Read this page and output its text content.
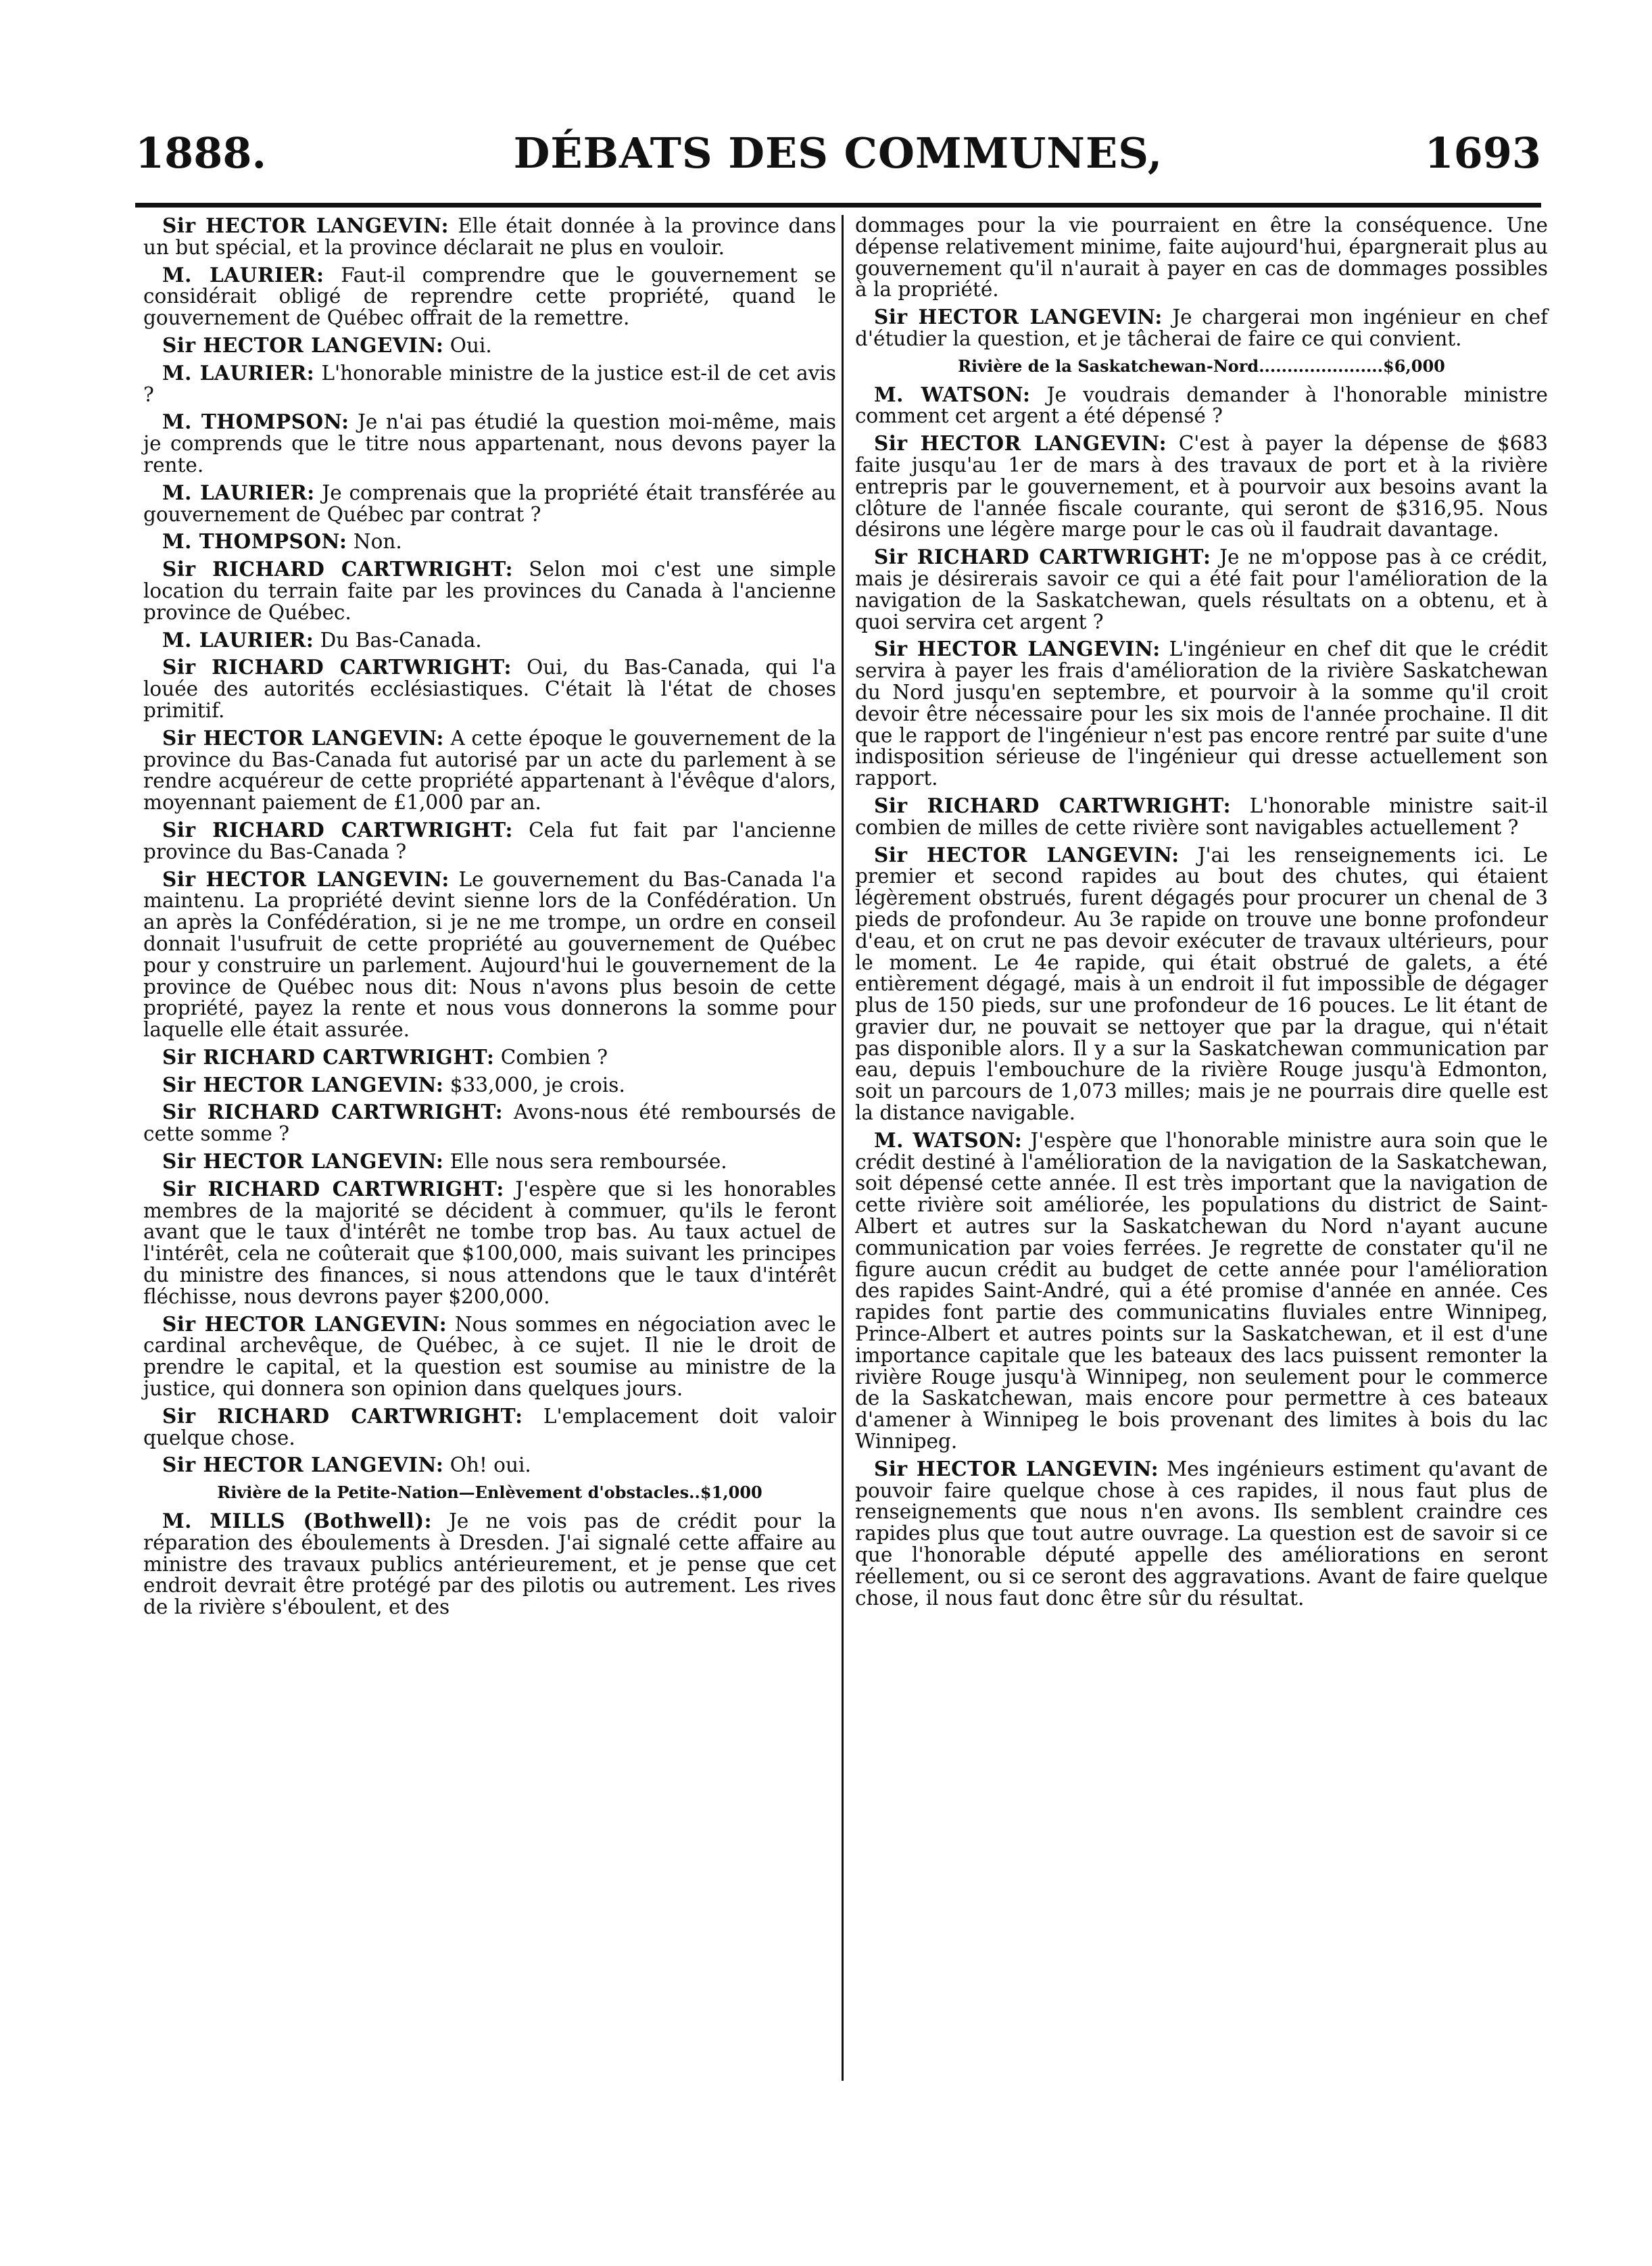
1888.	DÉBATS DES COMMUNES,	1693

Sir HECTOR LANGEVIN: Elle était donnée à la province dans un but spécial, et la province déclarait ne plus en vouloir.

M. LAURIER: Faut-il comprendre que le gouvernement se considérait obligé de reprendre cette propriété, quand le gouvernement de Québec offrait de la remettre.

Sir HECTOR LANGEVIN: Oui.

M. LAURIER: L'honorable ministre de la justice est-il de cet avis ?

M. THOMPSON: Je n'ai pas étudié la question moi-même, mais je comprends que le titre nous appartenant, nous devons payer la rente.

M. LAURIER: Je comprenais que la propriété était transférée au gouvernement de Québec par contrat ?

M. THOMPSON: Non.

Sir RICHARD CARTWRIGHT: Selon moi c'est une simple location du terrain faite par les provinces du Canada à l'ancienne province de Québec.

M. LAURIER: Du Bas-Canada.

Sir RICHARD CARTWRIGHT: Oui, du Bas-Canada, qui l'a louée des autorités ecclésiastiques. C'était là l'état de choses primitif.

Sir HECTOR LANGEVIN: A cette époque le gouvernement de la province du Bas-Canada fut autorisé par un acte du parlement à se rendre acquéreur de cette propriété appartenant à l'évêque d'alors, moyennant paiement de £1,000 par an.

Sir RICHARD CARTWRIGHT: Cela fut fait par l'ancienne province du Bas-Canada ?

Sir HECTOR LANGEVIN: Le gouvernement du Bas-Canada l'a maintenu. La propriété devint sienne lors de la Confédération. Un an après la Confédération, si je ne me trompe, un ordre en conseil donnait l'usufruit de cette propriété au gouvernement de Québec pour y construire un parlement. Aujourd'hui le gouvernement de la province de Québec nous dit: Nous n'avons plus besoin de cette propriété, payez la rente et nous vous donnerons la somme pour laquelle elle était assurée.

Sir RICHARD CARTWRIGHT: Combien ?

Sir HECTOR LANGEVIN: $33,000, je crois.

Sir RICHARD CARTWRIGHT: Avons-nous été remboursés de cette somme ?

Sir HECTOR LANGEVIN: Elle nous sera remboursée.

Sir RICHARD CARTWRIGHT: J'espère que si les honorables membres de la majorité se décident à commuer, qu'ils le feront avant que le taux d'intérêt ne tombe trop bas. Au taux actuel de l'intérêt, cela ne coûterait que $100,000, mais suivant les principes du ministre des finances, si nous attendons que le taux d'intérêt fléchisse, nous devrons payer $200,000.

Sir HECTOR LANGEVIN: Nous sommes en négociation avec le cardinal archevêque, de Québec, à ce sujet. Il nie le droit de prendre le capital, et la question est soumise au ministre de la justice, qui donnera son opinion dans quelques jours.

Sir RICHARD CARTWRIGHT: L'emplacement doit valoir quelque chose.

Sir HECTOR LANGEVIN: Oh! oui.

Rivière de la Petite-Nation—Enlèvement d'obstacles..$1,000

M. MILLS (Bothwell): Je ne vois pas de crédit pour la réparation des éboulements à Dresden. J'ai signalé cette affaire au ministre des travaux publics antérieurement, et je pense que cet endroit devrait être protégé par des pilotis ou autrement. Les rives de la rivière s'éboulent, et des

dommages pour la vie pourraient en être la conséquence. Une dépense relativement minime, faite aujourd'hui, épargnerait plus au gouvernement qu'il n'aurait à payer en cas de dommages possibles à la propriété.

Sir HECTOR LANGEVIN: Je chargerai mon ingénieur en chef d'étudier la question, et je tâcherai de faire ce qui convient.

Rivière de la Saskatchewan-Nord......................$6,000

M. WATSON: Je voudrais demander à l'honorable ministre comment cet argent a été dépensé ?

Sir HECTOR LANGEVIN: C'est à payer la dépense de $683 faite jusqu'au 1er de mars à des travaux de port et à la rivière entrepris par le gouvernement, et à pourvoir aux besoins avant la clôture de l'année fiscale courante, qui seront de $316,95. Nous désirons une légère marge pour le cas où il faudrait davantage.

Sir RICHARD CARTWRIGHT: Je ne m'oppose pas à ce crédit, mais je désirerais savoir ce qui a été fait pour l'amélioration de la navigation de la Saskatchewan, quels résultats on a obtenu, et à quoi servira cet argent ?

Sir HECTOR LANGEVIN: L'ingénieur en chef dit que le crédit servira à payer les frais d'amélioration de la rivière Saskatchewan du Nord jusqu'en septembre, et pourvoir à la somme qu'il croit devoir être nécessaire pour les six mois de l'année prochaine. Il dit que le rapport de l'ingénieur n'est pas encore rentré par suite d'une indisposition sérieuse de l'ingénieur qui dresse actuellement son rapport.

Sir RICHARD CARTWRIGHT: L'honorable ministre sait-il combien de milles de cette rivière sont navigables actuellement ?

Sir HECTOR LANGEVIN: J'ai les renseignements ici. Le premier et second rapides au bout des chutes, qui étaient légèrement obstrués, furent dégagés pour procurer un chenal de 3 pieds de profondeur. Au 3e rapide on trouve une bonne profondeur d'eau, et on crut ne pas devoir exécuter de travaux ultérieurs, pour le moment. Le 4e rapide, qui était obstrué de galets, a été entièrement dégagé, mais à un endroit il fut impossible de dégager plus de 150 pieds, sur une profondeur de 16 pouces. Le lit étant de gravier dur, ne pouvait se nettoyer que par la drague, qui n'était pas disponible alors. Il y a sur la Saskatchewan communication par eau, depuis l'embouchure de la rivière Rouge jusqu'à Edmonton, soit un parcours de 1,073 milles; mais je ne pourrais dire quelle est la distance navigable.

M. WATSON: J'espère que l'honorable ministre aura soin que le crédit destiné à l'amélioration de la navigation de la Saskatchewan, soit dépensé cette année. Il est très important que la navigation de cette rivière soit améliorée, les populations du district de Saint-Albert et autres sur la Saskatchewan du Nord n'ayant aucune communication par voies ferrées. Je regrette de constater qu'il ne figure aucun crédit au budget de cette année pour l'amélioration des rapides Saint-André, qui a été promise d'année en année. Ces rapides font partie des communicatins fluviales entre Winnipeg, Prince-Albert et autres points sur la Saskatchewan, et il est d'une importance capitale que les bateaux des lacs puissent remonter la rivière Rouge jusqu'à Winnipeg, non seulement pour le commerce de la Saskatchewan, mais encore pour permettre à ces bateaux d'amener à Winnipeg le bois provenant des limites à bois du lac Winnipeg.

Sir HECTOR LANGEVIN: Mes ingénieurs estiment qu'avant de pouvoir faire quelque chose à ces rapides, il nous faut plus de renseignements que nous n'en avons. Ils semblent craindre ces rapides plus que tout autre ouvrage. La question est de savoir si ce que l'honorable député appelle des améliorations en seront réellement, ou si ce seront des aggravations. Avant de faire quelque chose, il nous faut donc être sûr du résultat.
